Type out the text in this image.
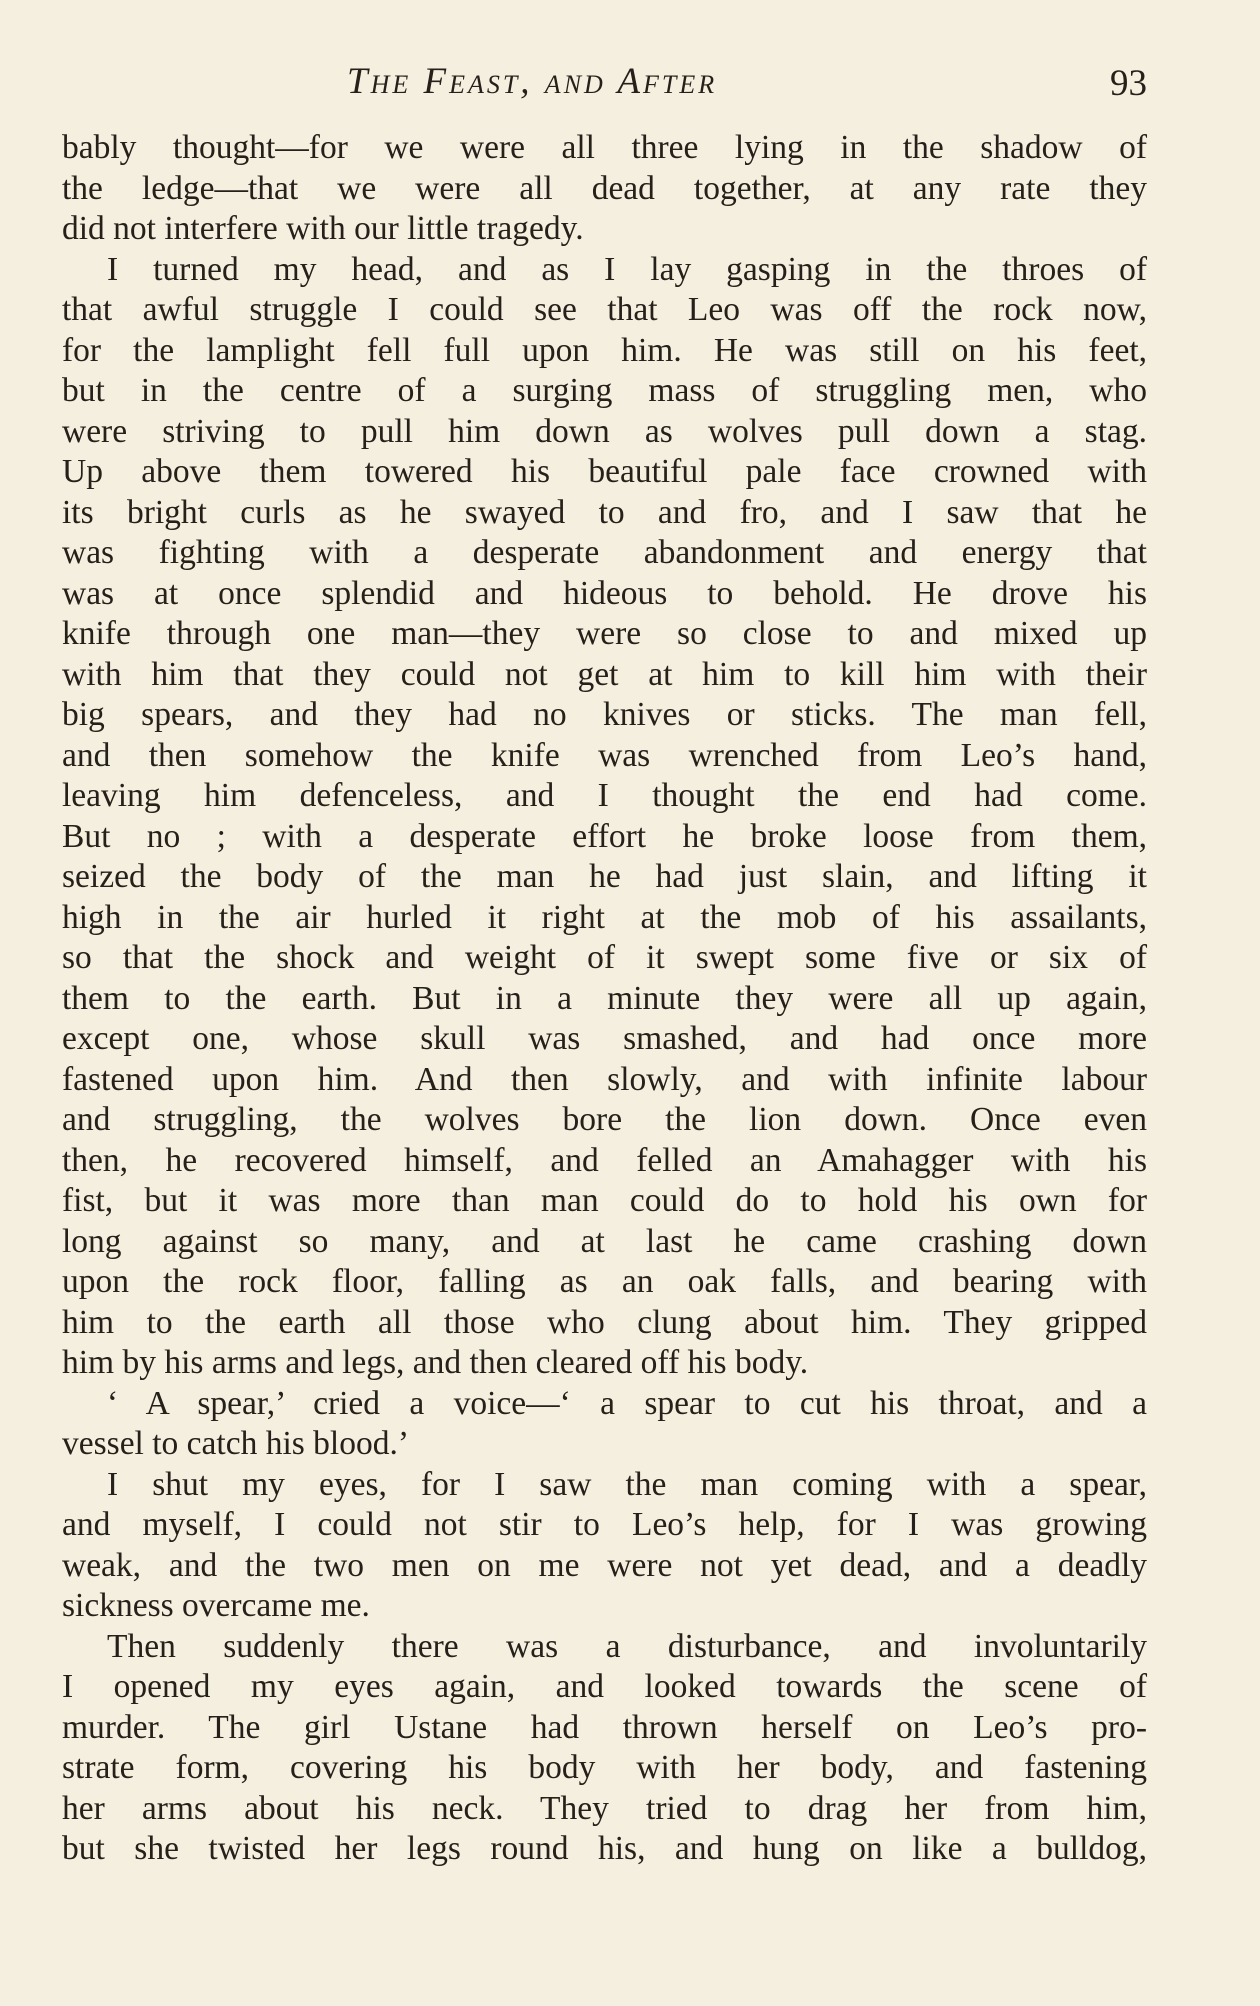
The Feast, and After	93
bably thought—for we were all three lying in the shadow of
the ledge—that we were all dead together, at any rate they
did not interfere with our little tragedy.
I turned my head, and as I lay gasping in the throes of
that awful struggle I could see that Leo was off the rock now,
for the lamplight fell full upon him. He was still on his feet,
but in the centre of a surging mass of struggling men, who
were striving to pull him down as wolves pull down a stag.
Up above them towered his beautiful pale face crowned with
its bright curls as he swayed to and fro, and I saw that he
was fighting with a desperate abandonment and energy that
was at once splendid and hideous to behold. He drove his
knife through one man—they were so close to and mixed up
with him that they could not get at him to kill him with their
big spears, and they had no knives or sticks. The man fell,
and then somehow the knife was wrenched from Leo’s hand,
leaving him defenceless, and I thought the end had come.
But no ; with a desperate effort he broke loose from them,
seized the body of the man he had just slain, and lifting it
high in the air hurled it right at the mob of his assailants,
so that the shock and weight of it swept some five or six of
them to the earth. But in a minute they were all up again,
except one, whose skull was smashed, and had once more
fastened upon him. And then slowly, and with infinite labour
and struggling, the wolves bore the lion down. Once even
then, he recovered himself, and felled an Amahagger with his
fist, but it was more than man could do to hold his own for
long against so many, and at last he came crashing down
upon the rock floor, falling as an oak falls, and bearing with
him to the earth all those who clung about him. They gripped
him by his arms and legs, and then cleared off his body.
‘ A spear,’ cried a voice—‘ a spear to cut his throat, and a
vessel to catch his blood.’
I shut my eyes, for I saw the man coming with a spear,
and myself, I could not stir to Leo’s help, for I was growing
weak, and the two men on me were not yet dead, and a deadly
sickness overcame me.
Then suddenly there was a disturbance, and involuntarily
I opened my eyes again, and looked towards the scene of
murder. The girl Ustane had thrown herself on Leo’s pro-
strate form, covering his body with her body, and fastening
her arms about his neck. They tried to drag her from him,
but she twisted her legs round his, and hung on like a bulldog,
